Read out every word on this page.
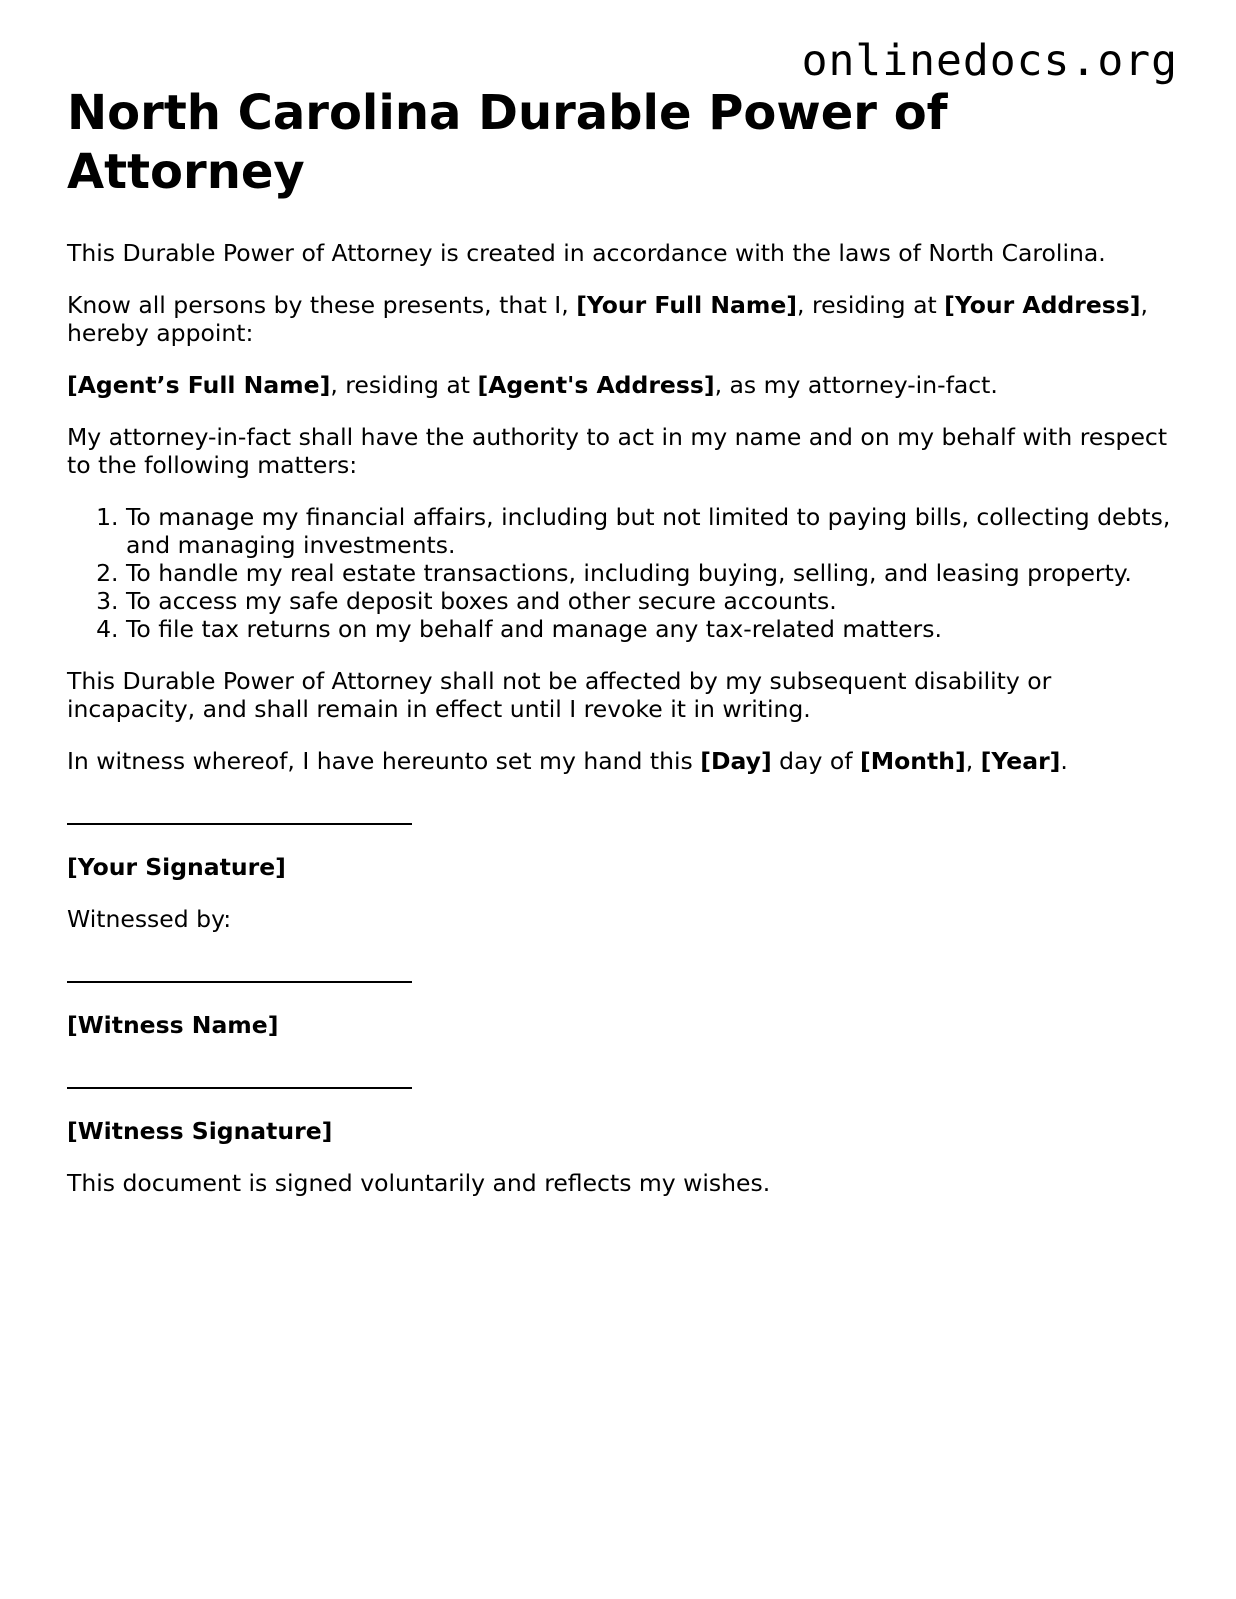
onlinedocs.org
North Carolina Durable Power of Attorney

This Durable Power of Attorney is created in accordance with the laws of North Carolina.

Know all persons by these presents, that I, [Your Full Name], residing at [Your Address], hereby appoint:

[Agent’s Full Name], residing at [Agent's Address], as my attorney-in-fact.

My attorney-in-fact shall have the authority to act in my name and on my behalf with respect to the following matters:

1. To manage my financial affairs, including but not limited to paying bills, collecting debts, and managing investments.
2. To handle my real estate transactions, including buying, selling, and leasing property.
3. To access my safe deposit boxes and other secure accounts.
4. To file tax returns on my behalf and manage any tax-related matters.

This Durable Power of Attorney shall not be affected by my subsequent disability or incapacity, and shall remain in effect until I revoke it in writing.

In witness whereof, I have hereunto set my hand this [Day] day of [Month], [Year].

[Your Signature]

Witnessed by:

[Witness Name]

[Witness Signature]

This document is signed voluntarily and reflects my wishes.
